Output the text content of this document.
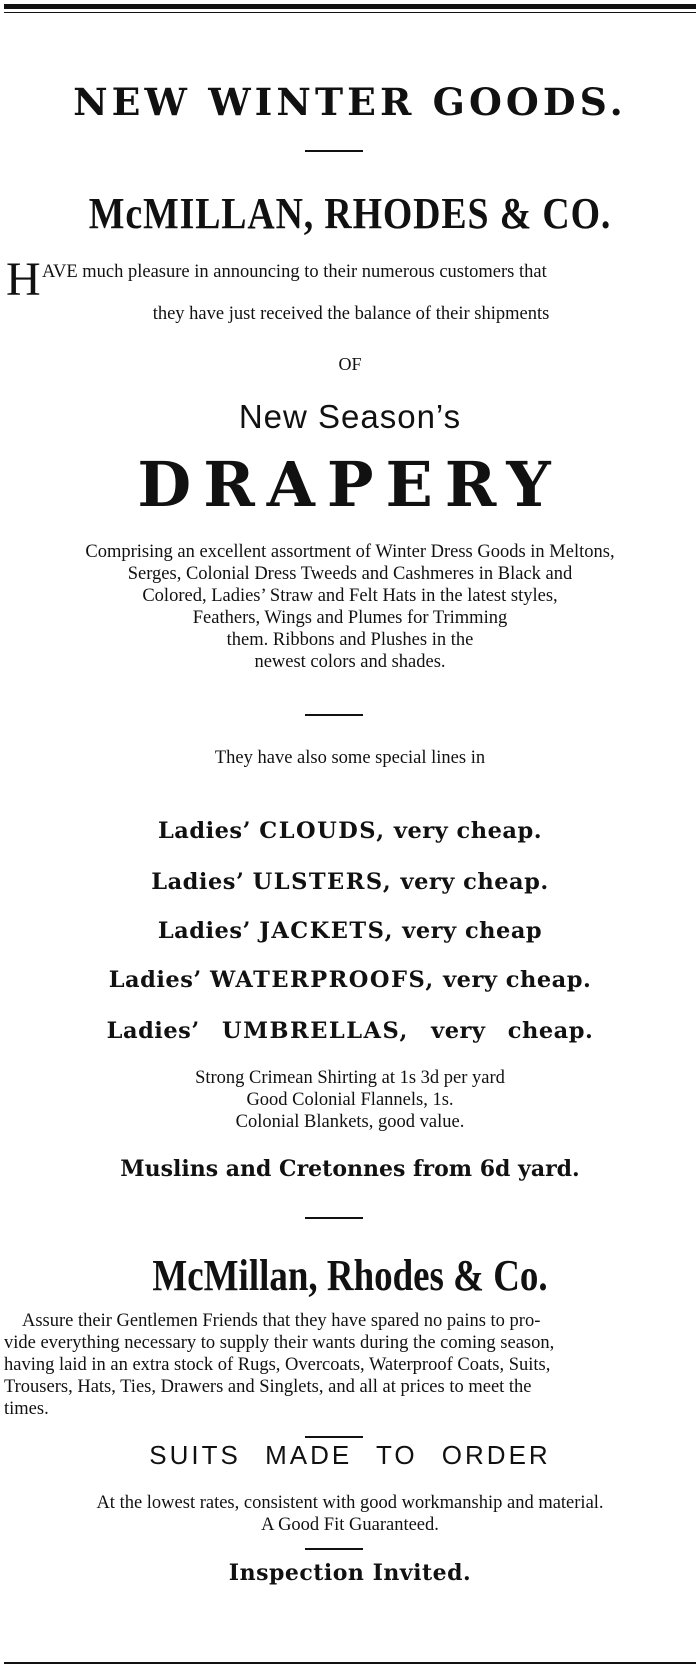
NEW WINTER GOODS.
McMILLAN, RHODES & CO.
H AVE much pleasure in announcing to their numerous customers that
they have just received the balance of their shipments
OF
New Season’s
DRAPERY
Comprising an excellent assortment of Winter Dress Goods in Meltons,
Serges, Colonial Dress Tweeds and Cashmeres in Black and
Colored, Ladies’ Straw and Felt Hats in the latest styles,
Feathers, Wings and Plumes for Trimming
them. Ribbons and Plushes in the
newest colors and shades.
They have also some special lines in
Ladies’ CLOUDS, very cheap.
Ladies’ ULSTERS, very cheap.
Ladies’ JACKETS, very cheap
Ladies’ WATERPROOFS, very cheap.
Ladies’ UMBRELLAS, very cheap.
Strong Crimean Shirting at 1s 3d per yard
Good Colonial Flannels, 1s.
Colonial Blankets, good value.
Muslins and Cretonnes from 6d yard.
McMillan, Rhodes & Co.
Assure their Gentlemen Friends that they have spared no pains to pro-
vide everything necessary to supply their wants during the coming season,
having laid in an extra stock of Rugs, Overcoats, Waterproof Coats, Suits,
Trousers, Hats, Ties, Drawers and Singlets, and all at prices to meet the
times.
SUITS MADE TO ORDER
At the lowest rates, consistent with good workmanship and material.
A Good Fit Guaranteed.
Inspection Invited.
